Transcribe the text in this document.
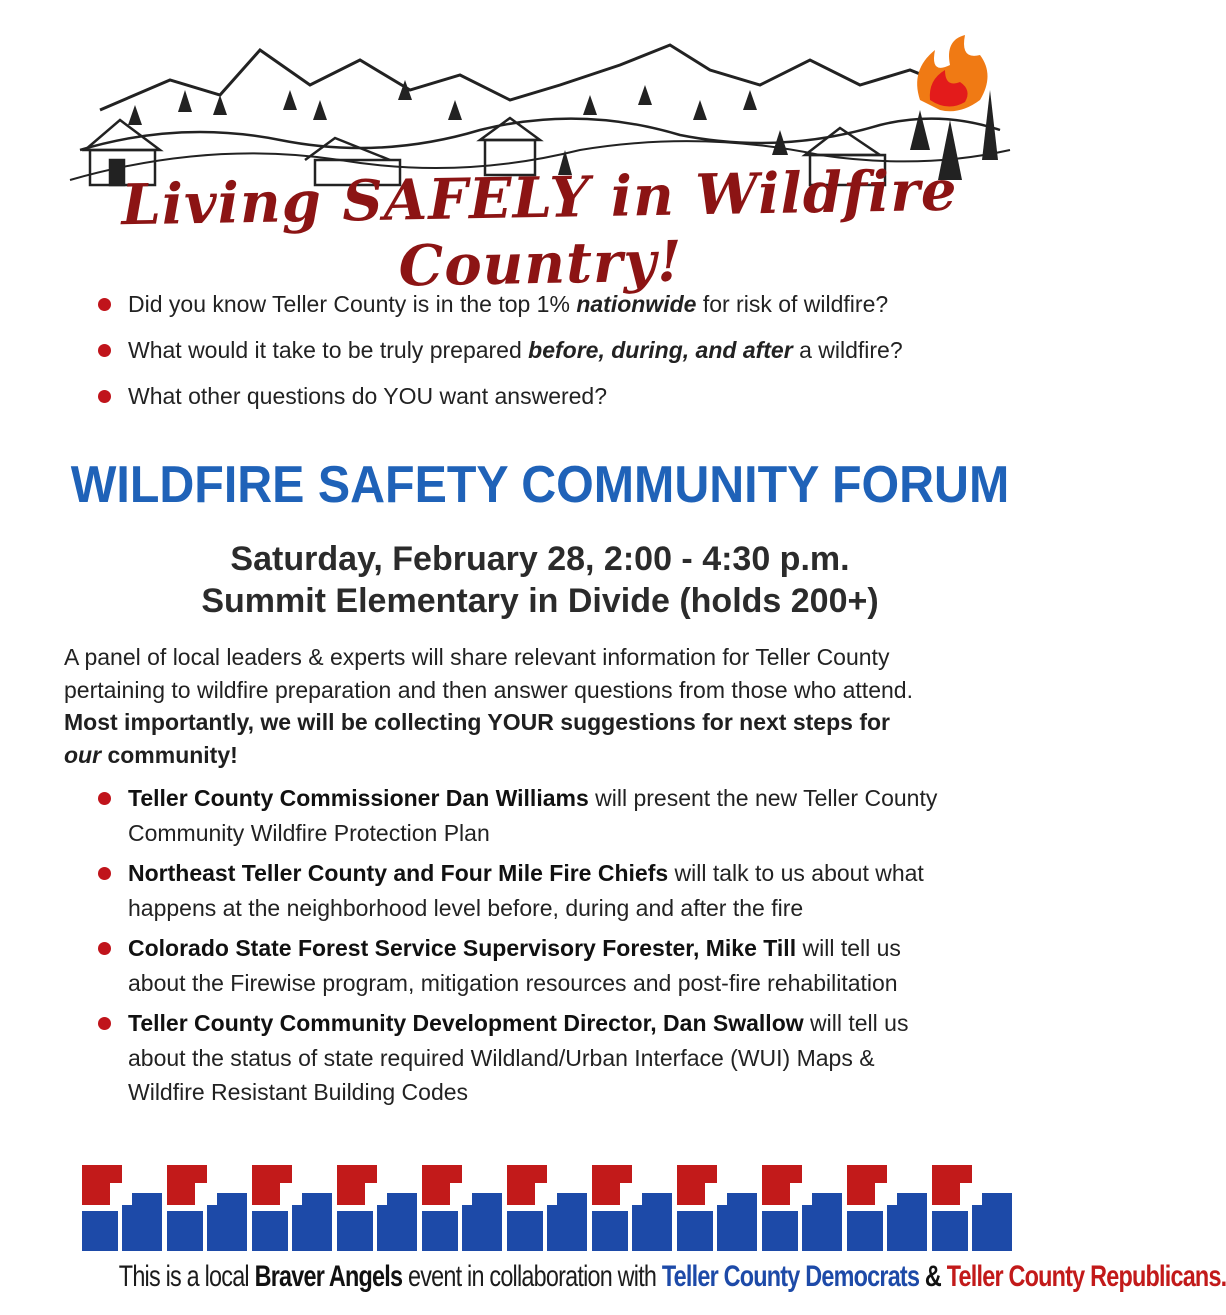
Living SAFELY in Wildfire Country!
Did you know Teller County is in the top 1% nationwide for risk of wildfire?
What would it take to be truly prepared before, during, and after a wildfire?
What other questions do YOU want answered?
WILDFIRE SAFETY COMMUNITY FORUM
Saturday, February 28, 2:00 - 4:30 p.m.
Summit Elementary in Divide (holds 200+)
A panel of local leaders & experts will share relevant information for Teller County
pertaining to wildfire preparation and then answer questions from those who attend.
Most importantly, we will be collecting YOUR suggestions for next steps for
our community!
Teller County Commissioner Dan Williams will present the new Teller County
Community Wildfire Protection Plan
Northeast Teller County and Four Mile Fire Chiefs will talk to us about what
happens at the neighborhood level before, during and after the fire
Colorado State Forest Service Supervisory Forester, Mike Till will tell us
about the Firewise program, mitigation resources and post-fire rehabilitation
Teller County Community Development Director, Dan Swallow will tell us
about the status of state required Wildland/Urban Interface (WUI) Maps &
Wildfire Resistant Building Codes
This is a local Braver Angels event in collaboration with Teller County Democrats & Teller County Republicans.
